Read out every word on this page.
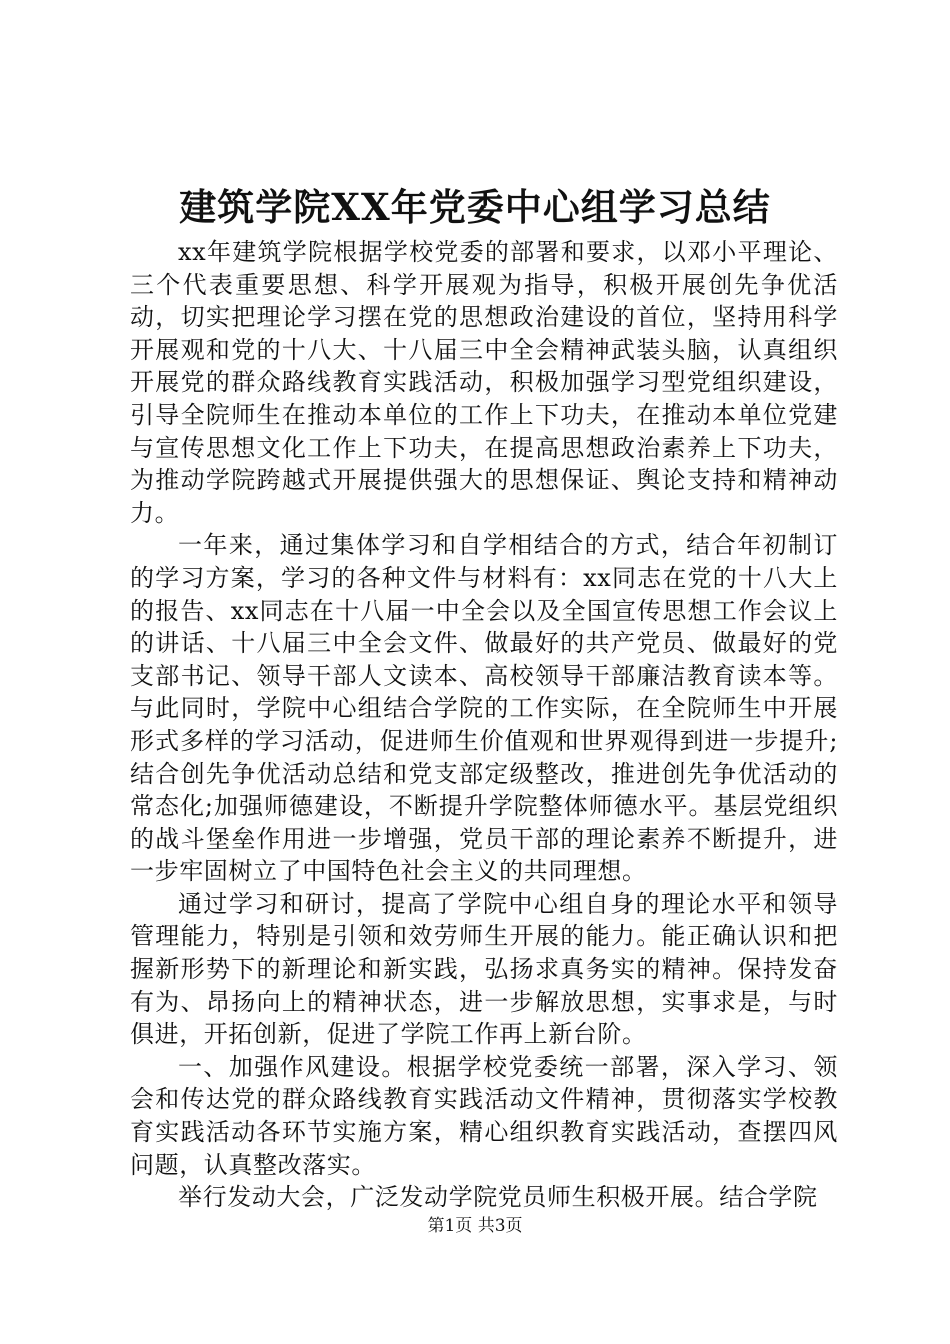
建筑学院XX年党委中心组学习总结

xx年建筑学院根据学校党委的部署和要求，以邓小平理论、三个代表重要思想、科学开展观为指导，积极开展创先争优活动，切实把理论学习摆在党的思想政治建设的首位，坚持用科学开展观和党的十八大、十八届三中全会精神武装头脑，认真组织开展党的群众路线教育实践活动，积极加强学习型党组织建设，引导全院师生在推动本单位的工作上下功夫，在推动本单位党建与宣传思想文化工作上下功夫，在提高思想政治素养上下功夫，为推动学院跨越式开展提供强大的思想保证、舆论支持和精神动力。

一年来，通过集体学习和自学相结合的方式，结合年初制订的学习方案，学习的各种文件与材料有：xx同志在党的十八大上的报告、xx同志在十八届一中全会以及全国宣传思想工作会议上的讲话、十八届三中全会文件、做最好的共产党员、做最好的党支部书记、领导干部人文读本、高校领导干部廉洁教育读本等。与此同时，学院中心组结合学院的工作实际，在全院师生中开展形式多样的学习活动，促进师生价值观和世界观得到进一步提升;结合创先争优活动总结和党支部定级整改，推进创先争优活动的常态化;加强师德建设，不断提升学院整体师德水平。基层党组织的战斗堡垒作用进一步增强，党员干部的理论素养不断提升，进一步牢固树立了中国特色社会主义的共同理想。

通过学习和研讨，提高了学院中心组自身的理论水平和领导管理能力，特别是引领和效劳师生开展的能力。能正确认识和把握新形势下的新理论和新实践，弘扬求真务实的精神。保持发奋有为、昂扬向上的精神状态，进一步解放思想，实事求是，与时俱进，开拓创新，促进了学院工作再上新台阶。

一、加强作风建设。根据学校党委统一部署，深入学习、领会和传达党的群众路线教育实践活动文件精神，贯彻落实学校教育实践活动各环节实施方案，精心组织教育实践活动，查摆四风问题，认真整改落实。

举行发动大会，广泛发动学院党员师生积极开展。结合学院

第1页 共3页
